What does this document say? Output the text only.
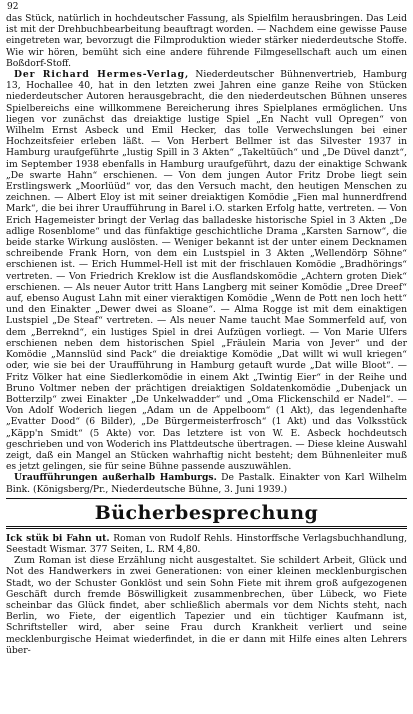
92

das Stück, natürlich in hochdeutscher Fassung, als Spielfilm herausbringen. Das Leid ist mit der Drehbuchbearbeitung beauftragt worden. — Nachdem eine gewisse Pause eingetreten war, bevorzugt die Filmproduktion wieder stärker niederdeutsche Stoffe. Wie wir hören, bemüht sich eine andere führende Filmgesellschaft auch um einen Boßdorf-Stoff.

Der Richard Hermes-Verlag, Niederdeutscher Bühnenvertrieb, Hamburg 13, Hochallee 40, hat in den letzten zwei Jahren eine ganze Reihe von Stücken niederdeutscher Autoren herausgebracht, die den niederdeutschen Bühnen unseres Spielbereichs eine willkommene Bereicherung ihres Spielplanes ermöglichen. Uns liegen vor zunächst das dreiaktige lustige Spiel „En Nacht vull Opregen“ von Wilhelm Ernst Asbeck und Emil Hecker, das tolle Verwechslungen bei einer Hochzeitsfeier erleben läßt. — Von Herbert Bellmer ist das Silvester 1937 in Hamburg uraufgeführte „lustig Spill in 3 Akten“ „Takeltüüch“ und „De Düvel danzt“, im September 1938 ebenfalls in Hamburg uraufgeführt, dazu der einaktige Schwank „De swarte Hahn“ erschienen. — Von dem jungen Autor Fritz Drobe liegt sein Erstlingswerk „Moorlüüd“ vor, das den Versuch macht, den heutigen Menschen zu zeichnen. — Albert Eloy ist mit seiner dreiaktigen Komödie „Fien mal hunnerdfrend Mark“, die bei ihrer Uraufführung in Barel i.O. starken Erfolg hatte, vertreten. — Von Erich Hagemeister bringt der Verlag das balladeske historische Spiel in 3 Akten „De adlige Rosenblome“ und das fünfaktige geschichtliche Drama „Karsten Sarnow“, die beide starke Wirkung auslösten. — Weniger bekannt ist der unter einem Decknamen schreibende Frank Horn, von dem ein Lustspiel in 3 Akten „Wellendörp Söhne“ erschienen ist. — Erich Hummel-Hell ist mit der frischlauen Komödie „Bradhörings“ vertreten. — Von Friedrich Kreklow ist die Ausflandskomödie „Achtern groten Diek“ erschienen. — Als neuer Autor tritt Hans Langberg mit seiner Komödie „Dree Dreef“ auf, ebenso August Lahn mit einer vieraktigen Komödie „Wenn de Pott nen loch hett“ und den Einakter „Dewer dwei as Sloane“. — Alma Rogge ist mit dem einaktigen Lustspiel „De Steaf“ vertreten. — Als neuer Name taucht Mae Sommerfeld auf, von dem „Berreknd“, ein lustiges Spiel in drei Aufzügen vorliegt. — Von Marie Ulfers erschienen neben dem historischen Spiel „Fräulein Maria von Jever“ und der Komödie „Mannslüd sind Pack“ die dreiaktige Komödie „Dat willt wi wull kriegen“ oder, wie sie bei der Uraufführung in Hamburg getauft wurde „Dat wille Bloot“. — Fritz Völker hat eine Siedlerkomödie in einem Akt „Twintig Eier“ in der Reihe und Bruno Voltmer neben der prächtigen dreiaktigen Soldatenkomödie „Dubenjack un Botterzilp“ zwei Einakter „De Unkelwadder“ und „Oma Flickenschild er Nadel“. — Von Adolf Woderich liegen „Adam un de Appelboom“ (1 Akt), das legendenhafte „Evatter Dood“ (6 Bilder), „De Bürgermeisterfrosch“ (1 Akt) und das Volksstück „Käpp'n Smidt“ (5 Akte) vor. Das letztere ist von W. E. Asbeck hochdeutsch geschrieben und von Woderich ins Plattdeutsche übertragen. — Diese kleine Auswahl zeigt, daß ein Mangel an Stücken wahrhaftig nicht besteht; dem Bühnenleiter muß es jetzt gelingen, sie für seine Bühne passende auszuwählen.

Uraufführungen außerhalb Hamburgs. De Pastalk. Einakter von Karl Wilhelm Bink. (Königsberg/Pr., Niederdeutsche Bühne, 3. Juni 1939.)

Bücherbesprechung
Ick stük bi Fahn ut. Roman von Rudolf Rehls. Hinstorffsche Verlagsbuchhandlung, Seestadt Wismar. 377 Seiten, L. RM 4,80.

Zum Roman ist diese Erzählung nicht ausgestaltet. Sie schildert Arbeit, Glück und Not des Handwerkers in zwei Generationen: von einer kleinen mecklenburgischen Stadt, wo der Schuster Gonklöst und sein Sohn Fiete mit ihrem groß aufgezogenen Geschäft durch fremde Böswilligkeit zusammenbrechen, über Lübeck, wo Fiete scheinbar das Glück findet, aber schließlich abermals vor dem Nichts steht, nach Berlin, wo Fiete, der eigentlich Tapezier und ein tüchtiger Kaufmann ist, Schriftsteller wird, aber seine Frau durch Krankheit verliert und seine mecklenburgische Heimat wiederfindet, in die er dann mit Hilfe eines alten Lehrers über-
